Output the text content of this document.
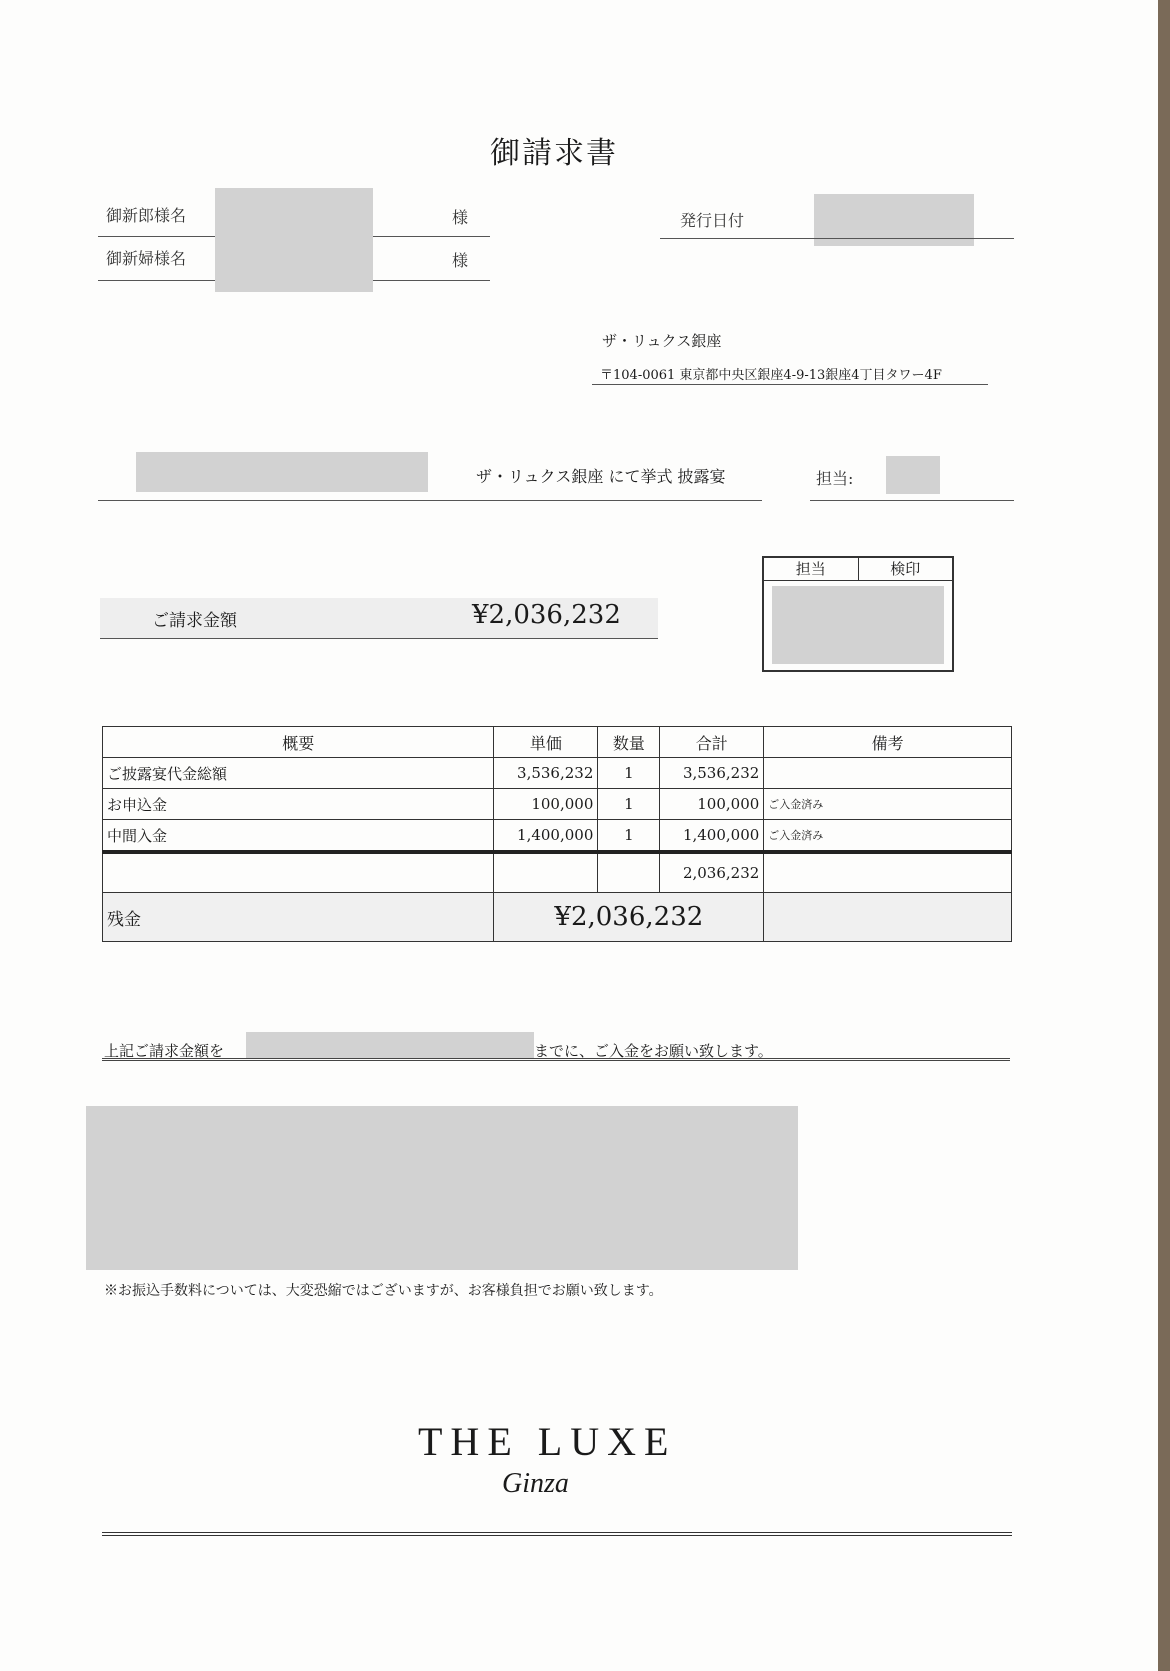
御請求書
御新郎様名	様
御新婦様名	様
発行日付
ザ・リュクス銀座
〒104-0061 東京都中央区銀座4-9-13銀座4丁目タワー4F
ザ・リュクス銀座 にて挙式 披露宴	担当:
担当	検印
ご請求金額	¥2,036,232
概要	単価	数量	合計	備考
ご披露宴代金総額	3,536,232	1	3,536,232	
お申込金	100,000	1	100,000	ご入金済み
中間入金	1,400,000	1	1,400,000	ご入金済み
			2,036,232	
残金	¥2,036,232			
上記ご請求金額を	までに、ご入金をお願い致します。
※お振込手数料については、大変恐縮ではございますが、お客様負担でお願い致します。
THE LUXE
Ginza
